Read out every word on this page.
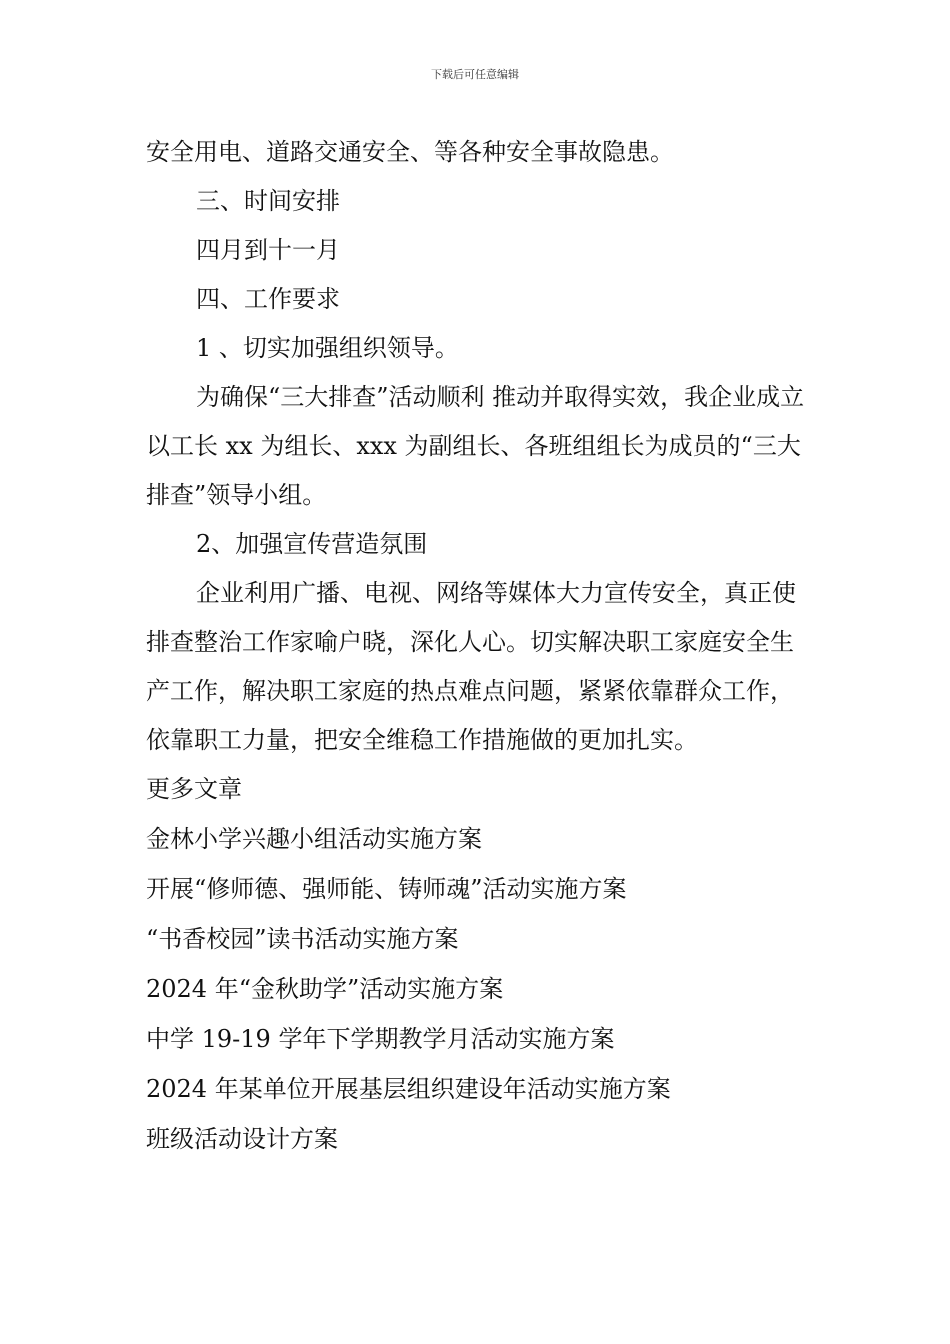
下载后可任意编辑

安全用电、道路交通安全、等各种安全事故隐患。

三、时间安排

四月到十一月

四、工作要求

1 、切实加强组织领导。

为确保“三大排查”活动顺利 推动并取得实效，我企业成立以工长 xx 为组长、xxx 为副组长、各班组组长为成员的“三大排查”领导小组。

2、加强宣传营造氛围

企业利用广播、电视、网络等媒体大力宣传安全，真正使排查整治工作家喻户晓，深化人心。切实解决职工家庭安全生产工作，解决职工家庭的热点难点问题，紧紧依靠群众工作，依靠职工力量，把安全维稳工作措施做的更加扎实。

更多文章

金林小学兴趣小组活动实施方案
开展“修师德、强师能、铸师魂”活动实施方案
“书香校园”读书活动实施方案
2024 年“金秋助学”活动实施方案
中学 19-19 学年下学期教学月活动实施方案
2024 年某单位开展基层组织建设年活动实施方案
班级活动设计方案
